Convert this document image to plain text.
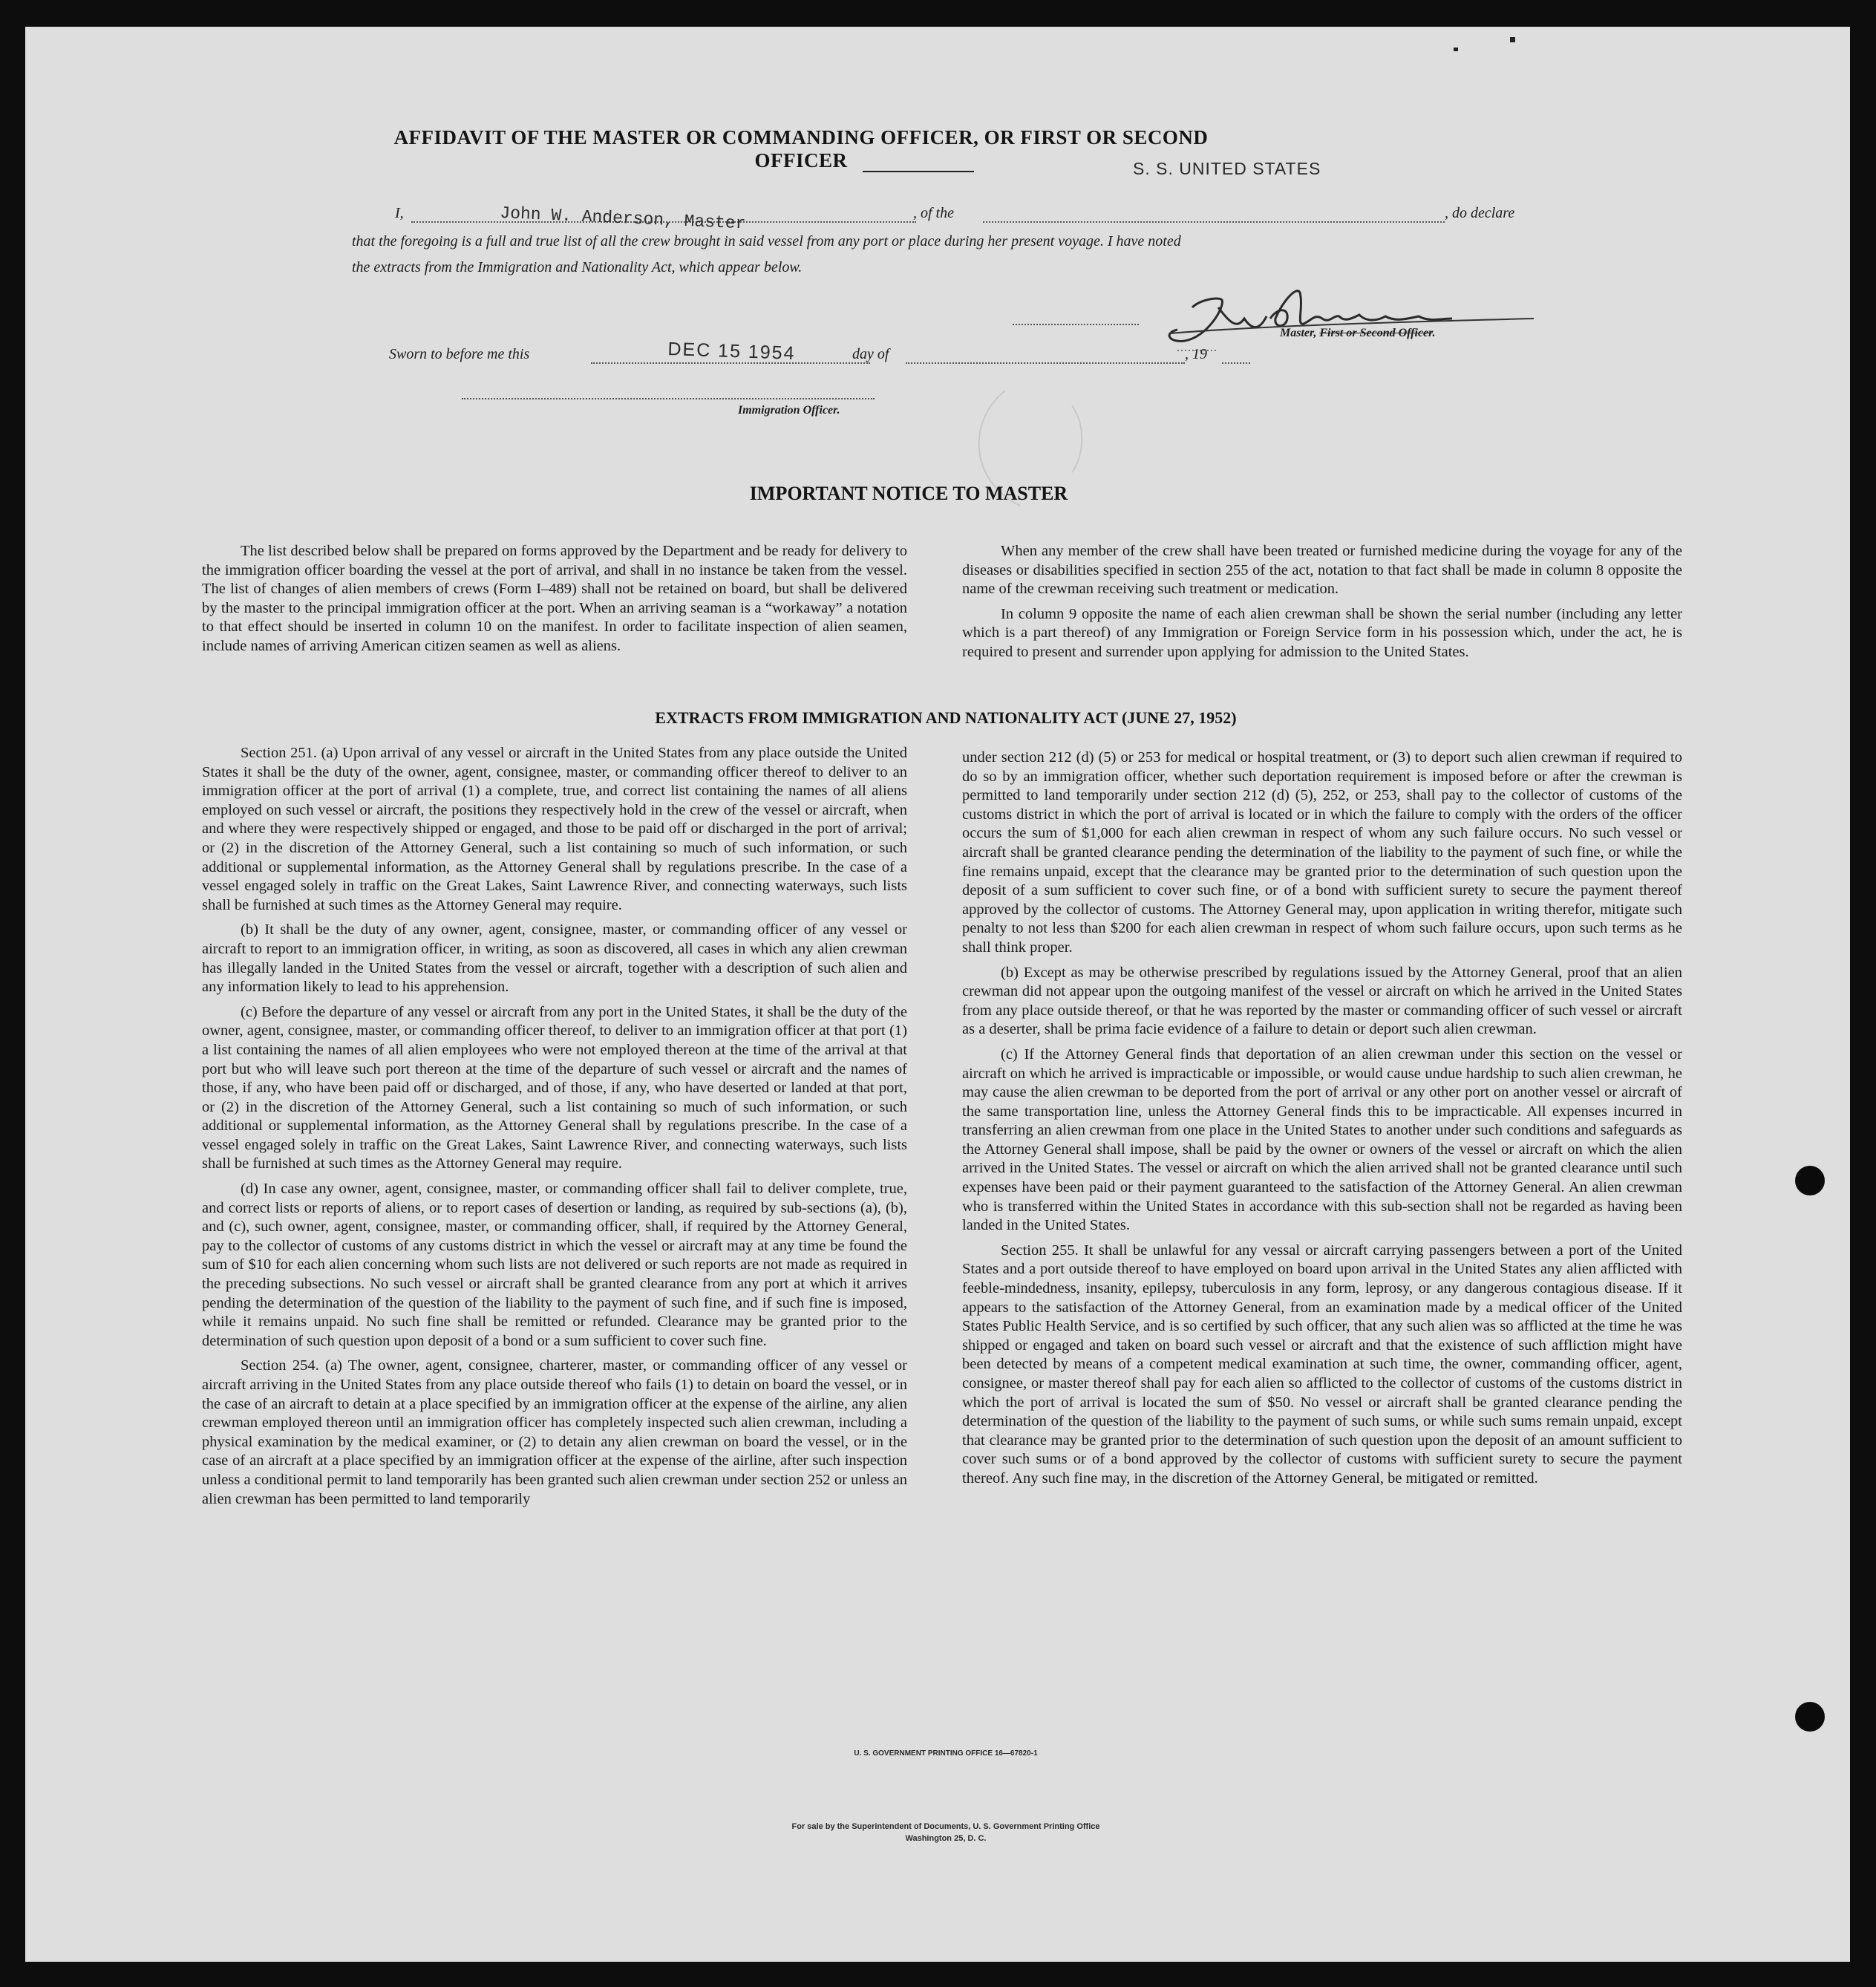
AFFIDAVIT OF THE MASTER OR COMMANDING OFFICER, OR FIRST OR SECOND OFFICER	S. S. UNITED STATES
I,	John W. Anderson, Master	, of the	, do declare
that the foregoing is a full and true list of all the crew brought in said vessel from any port or place during her present voyage. I have noted
the extracts from the Immigration and Nationality Act, which appear below.
Master, First or Second Officer.
Sworn to before me this	DEC 15 1954	day of	, 19
Immigration Officer.
IMPORTANT NOTICE TO MASTER

The list described below shall be prepared on forms approved by the Department and be ready for delivery to the immigration officer boarding the vessel at the port of arrival, and shall in no instance be taken from the vessel. The list of changes of alien members of crews (Form I–489) shall not be retained on board, but shall be delivered by the master to the principal immigration officer at the port. When an arriving seaman is a “workaway” a notation to that effect should be inserted in column 10 on the manifest. In order to facilitate inspection of alien seamen, include names of arriving American citizen seamen as well as aliens.

When any member of the crew shall have been treated or furnished medicine during the voyage for any of the diseases or disabilities specified in section 255 of the act, notation to that fact shall be made in column 8 opposite the name of the crewman receiving such treatment or medication.

In column 9 opposite the name of each alien crewman shall be shown the serial number (including any letter which is a part thereof) of any Immigration or Foreign Service form in his possession which, under the act, he is required to present and surrender upon applying for admission to the United States.

EXTRACTS FROM IMMIGRATION AND NATIONALITY ACT (JUNE 27, 1952)

Section 251. (a) Upon arrival of any vessel or aircraft in the United States from any place outside the United States it shall be the duty of the owner, agent, consignee, master, or commanding officer thereof to deliver to an immigration officer at the port of arrival (1) a complete, true, and correct list containing the names of all aliens employed on such vessel or aircraft, the positions they respectively hold in the crew of the vessel or aircraft, when and where they were respectively shipped or engaged, and those to be paid off or discharged in the port of arrival; or (2) in the discretion of the Attorney General, such a list containing so much of such information, or such additional or supplemental information, as the Attorney General shall by regulations prescribe. In the case of a vessel engaged solely in traffic on the Great Lakes, Saint Lawrence River, and connecting waterways, such lists shall be furnished at such times as the Attorney General may require.

(b) It shall be the duty of any owner, agent, consignee, master, or commanding officer of any vessel or aircraft to report to an immigration officer, in writing, as soon as discovered, all cases in which any alien crewman has illegally landed in the United States from the vessel or aircraft, together with a description of such alien and any information likely to lead to his apprehension.

(c) Before the departure of any vessel or aircraft from any port in the United States, it shall be the duty of the owner, agent, consignee, master, or commanding officer thereof, to deliver to an immigration officer at that port (1) a list containing the names of all alien employees who were not employed thereon at the time of the arrival at that port but who will leave such port thereon at the time of the departure of such vessel or aircraft and the names of those, if any, who have been paid off or discharged, and of those, if any, who have deserted or landed at that port, or (2) in the discretion of the Attorney General, such a list containing so much of such information, or such additional or supplemental information, as the Attorney General shall by regulations prescribe. In the case of a vessel engaged solely in traffic on the Great Lakes, Saint Lawrence River, and connecting waterways, such lists shall be furnished at such times as the Attorney General may require.

(d) In case any owner, agent, consignee, master, or commanding officer shall fail to deliver complete, true, and correct lists or reports of aliens, or to report cases of desertion or landing, as required by sub-sections (a), (b), and (c), such owner, agent, consignee, master, or commanding officer, shall, if required by the Attorney General, pay to the collector of customs of any customs district in which the vessel or aircraft may at any time be found the sum of $10 for each alien concerning whom such lists are not delivered or such reports are not made as required in the preceding subsections. No such vessel or aircraft shall be granted clearance from any port at which it arrives pending the determination of the question of the liability to the payment of such fine, and if such fine is imposed, while it remains unpaid. No such fine shall be remitted or refunded. Clearance may be granted prior to the determination of such question upon deposit of a bond or a sum sufficient to cover such fine.

Section 254. (a) The owner, agent, consignee, charterer, master, or commanding officer of any vessel or aircraft arriving in the United States from any place outside thereof who fails (1) to detain on board the vessel, or in the case of an aircraft to detain at a place specified by an immigration officer at the expense of the airline, any alien crewman employed thereon until an immigration officer has completely inspected such alien crewman, including a physical examination by the medical examiner, or (2) to detain any alien crewman on board the vessel, or in the case of an aircraft at a place specified by an immigration officer at the expense of the airline, after such inspection unless a conditional permit to land temporarily has been granted such alien crewman under section 252 or unless an alien crewman has been permitted to land temporarily

under section 212 (d) (5) or 253 for medical or hospital treatment, or (3) to deport such alien crewman if required to do so by an immigration officer, whether such deportation requirement is imposed before or after the crewman is permitted to land temporarily under section 212 (d) (5), 252, or 253, shall pay to the collector of customs of the customs district in which the port of arrival is located or in which the failure to comply with the orders of the officer occurs the sum of $1,000 for each alien crewman in respect of whom any such failure occurs. No such vessel or aircraft shall be granted clearance pending the determination of the liability to the payment of such fine, or while the fine remains unpaid, except that the clearance may be granted prior to the determination of such question upon the deposit of a sum sufficient to cover such fine, or of a bond with sufficient surety to secure the payment thereof approved by the collector of customs. The Attorney General may, upon application in writing therefor, mitigate such penalty to not less than $200 for each alien crewman in respect of whom such failure occurs, upon such terms as he shall think proper.

(b) Except as may be otherwise prescribed by regulations issued by the Attorney General, proof that an alien crewman did not appear upon the outgoing manifest of the vessel or aircraft on which he arrived in the United States from any place outside thereof, or that he was reported by the master or commanding officer of such vessel or aircraft as a deserter, shall be prima facie evidence of a failure to detain or deport such alien crewman.

(c) If the Attorney General finds that deportation of an alien crewman under this section on the vessel or aircraft on which he arrived is impracticable or impossible, or would cause undue hardship to such alien crewman, he may cause the alien crewman to be deported from the port of arrival or any other port on another vessel or aircraft of the same transportation line, unless the Attorney General finds this to be impracticable. All expenses incurred in transferring an alien crewman from one place in the United States to another under such conditions and safeguards as the Attorney General shall impose, shall be paid by the owner or owners of the vessel or aircraft on which the alien arrived in the United States. The vessel or aircraft on which the alien arrived shall not be granted clearance until such expenses have been paid or their payment guaranteed to the satisfaction of the Attorney General. An alien crewman who is transferred within the United States in accordance with this sub-section shall not be regarded as having been landed in the United States.

Section 255. It shall be unlawful for any vessal or aircraft carrying passengers between a port of the United States and a port outside thereof to have employed on board upon arrival in the United States any alien afflicted with feeble-mindedness, insanity, epilepsy, tuberculosis in any form, leprosy, or any dangerous contagious disease. If it appears to the satisfaction of the Attorney General, from an examination made by a medical officer of the United States Public Health Service, and is so certified by such officer, that any such alien was so afflicted at the time he was shipped or engaged and taken on board such vessel or aircraft and that the existence of such affliction might have been detected by means of a competent medical examination at such time, the owner, commanding officer, agent, consignee, or master thereof shall pay for each alien so afflicted to the collector of customs of the customs district in which the port of arrival is located the sum of $50. No vessel or aircraft shall be granted clearance pending the determination of the question of the liability to the payment of such sums, or while such sums remain unpaid, except that clearance may be granted prior to the determination of such question upon the deposit of an amount sufficient to cover such sums or of a bond approved by the collector of customs with sufficient surety to secure the payment thereof. Any such fine may, in the discretion of the Attorney General, be mitigated or remitted.

U. S. GOVERNMENT PRINTING OFFICE 16—67820-1
For sale by the Superintendent of Documents, U. S. Government Printing Office
Washington 25, D. C.
